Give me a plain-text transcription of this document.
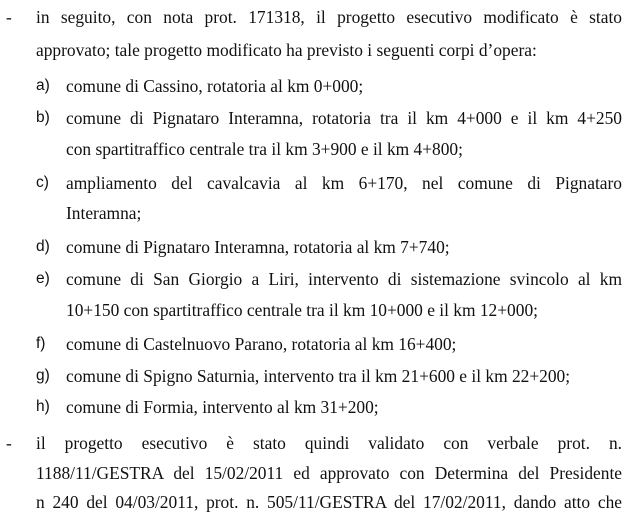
- in seguito, con nota prot. 171318, il progetto esecutivo modificato è stato
approvato; tale progetto modificato ha previsto i seguenti corpi d’opera:
a) comune di Cassino, rotatoria al km 0+000;
b) comune di Pignataro Interamna, rotatoria tra il km 4+000 e il km 4+250
con spartitraffico centrale tra il km 3+900 e il km 4+800;
c) ampliamento del cavalcavia al km 6+170, nel comune di Pignataro
Interamna;
d) comune di Pignataro Interamna, rotatoria al km 7+740;
e) comune di San Giorgio a Liri, intervento di sistemazione svincolo al km
10+150 con spartitraffico centrale tra il km 10+000 e il km 12+000;
f) comune di Castelnuovo Parano, rotatoria al km 16+400;
g) comune di Spigno Saturnia, intervento tra il km 21+600 e il km 22+200;
h) comune di Formia, intervento al km 31+200;
- il progetto esecutivo è stato quindi validato con verbale prot. n.
1188/11/GESTRA del 15/02/2011 ed approvato con Determina del Presidente
n 240 del 04/03/2011, prot. n. 505/11/GESTRA del 17/02/2011, dando atto che
